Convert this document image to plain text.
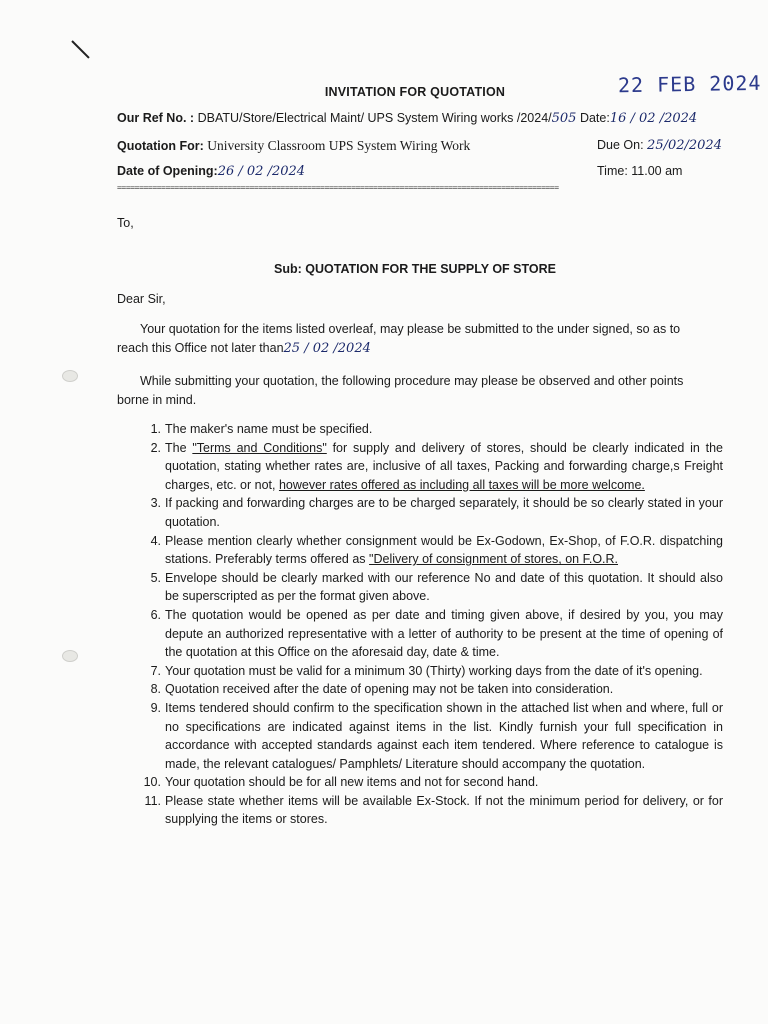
INVITATION FOR QUOTATION	22 FEB 2024
Our Ref No. : DBATU/Store/Electrical Maint/ UPS System Wiring works /2024/505 Date:16 / 02 /2024
Quotation For: University Classroom UPS System Wiring Work	Due On: 25/02/2024
Date of Opening:26 / 02 /2024	Time: 11.00 am
====================================================================================================
To,
Sub: QUOTATION FOR THE SUPPLY OF STORE
Dear Sir,
Your quotation for the items listed overleaf, may please be submitted to the under signed, so as to
reach this Office not later than25 / 02 /2024
While submitting your quotation, the following procedure may please be observed and other points
borne in mind.
1. The maker's name must be specified.
2. The "Terms and Conditions" for supply and delivery of stores, should be clearly indicated in the quotation, stating whether rates are, inclusive of all taxes, Packing and forwarding charge,s Freight charges, etc. or not, however rates offered as including all taxes will be more welcome.
3. If packing and forwarding charges are to be charged separately, it should be so clearly stated in your quotation.
4. Please mention clearly whether consignment would be Ex-Godown, Ex-Shop, of F.O.R. dispatching stations. Preferably terms offered as "Delivery of consignment of stores, on F.O.R.
5. Envelope should be clearly marked with our reference No and date of this quotation. It should also be superscripted as per the format given above.
6. The quotation would be opened as per date and timing given above, if desired by you, you may depute an authorized representative with a letter of authority to be present at the time of opening of the quotation at this Office on the aforesaid day, date & time.
7. Your quotation must be valid for a minimum 30 (Thirty) working days from the date of it's opening.
8. Quotation received after the date of opening may not be taken into consideration.
9. Items tendered should confirm to the specification shown in the attached list when and where, full or no specifications are indicated against items in the list. Kindly furnish your full specification in accordance with accepted standards against each item tendered. Where reference to catalogue is made, the relevant catalogues/ Pamphlets/ Literature should accompany the quotation.
10. Your quotation should be for all new items and not for second hand.
11. Please state whether items will be available Ex-Stock. If not the minimum period for delivery, or for supplying the items or stores.
